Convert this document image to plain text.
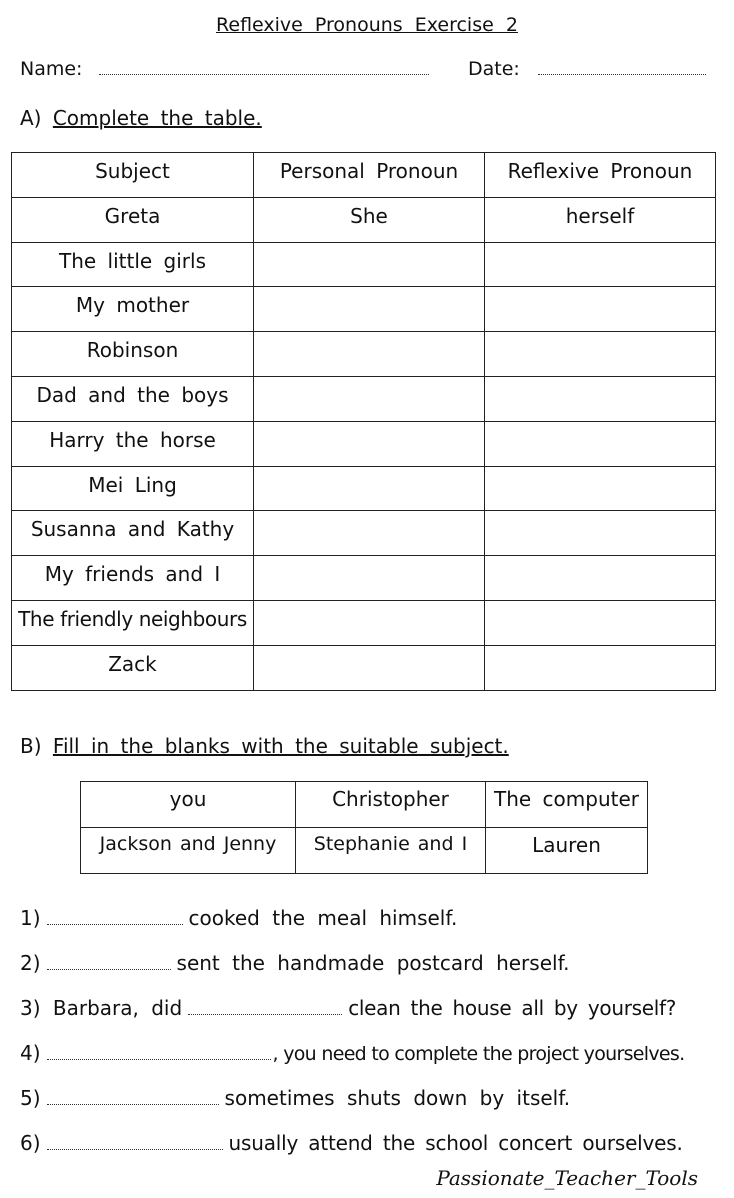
Reflexive Pronouns Exercise 2
Name:	Date:
A) Complete the table.
Subject	Personal Pronoun	Reflexive Pronoun
Greta	She	herself
The little girls		
My mother		
Robinson		
Dad and the boys		
Harry the horse		
Mei Ling		
Susanna and Kathy		
My friends and I		
The friendly neighbours		
Zack		
B) Fill in the blanks with the suitable subject.
you	Christopher	The computer
Jackson and Jenny	Stephanie and I	Lauren
1)	cooked the meal himself.
2)	sent the handmade postcard herself.
3) Barbara, did	clean the house all by yourself?
4)	, you need to complete the project yourselves.
5)	sometimes shuts down by itself.
6)	usually attend the school concert ourselves.
Passionate_Teacher_Tools
